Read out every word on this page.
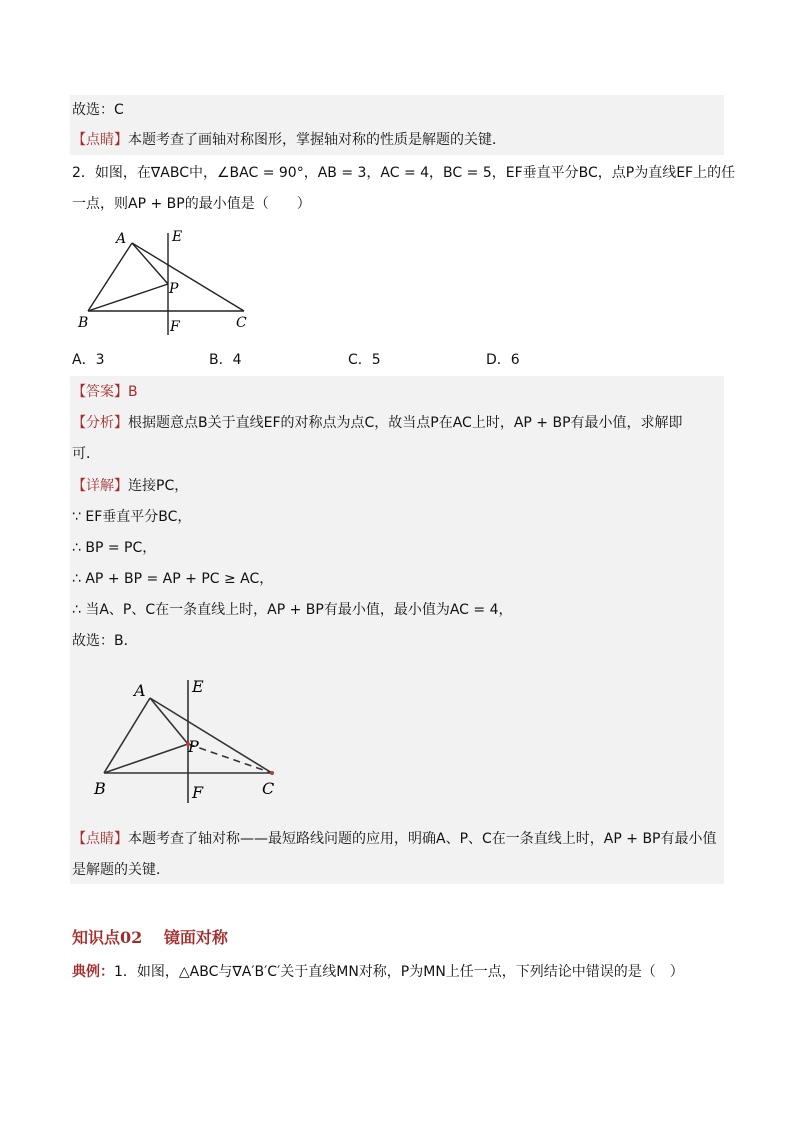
故选：C
【点睛】本题考查了画轴对称图形，掌握轴对称的性质是解题的关键．
2．如图，在∇ABC中，∠BAC = 90°，AB = 3，AC = 4，BC = 5，EF垂直平分BC，点P为直线EF上的任
一点，则AP + BP的最小值是（　　）
A	E
P
B	F	C
A．3	B．4	C．5	D．6
【答案】B
【分析】根据题意点B关于直线EF的对称点为点C，故当点P在AC上时，AP + BP有最小值，求解即
可．
【详解】连接PC，
∵ EF垂直平分BC，
∴ BP = PC，
∴ AP + BP = AP + PC ≥ AC，
∴ 当A、P、C在一条直线上时，AP + BP有最小值，最小值为AC = 4，
故选：B．
A	E
P
B	F	C
【点睛】本题考查了轴对称——最短路线问题的应用，明确A、P、C在一条直线上时，AP + BP有最小值
是解题的关键．
知识点02　 镜面对称
典例：1．如图，△ABC与∇A′B′C′关于直线MN对称，P为MN上任一点，下列结论中错误的是（　）
